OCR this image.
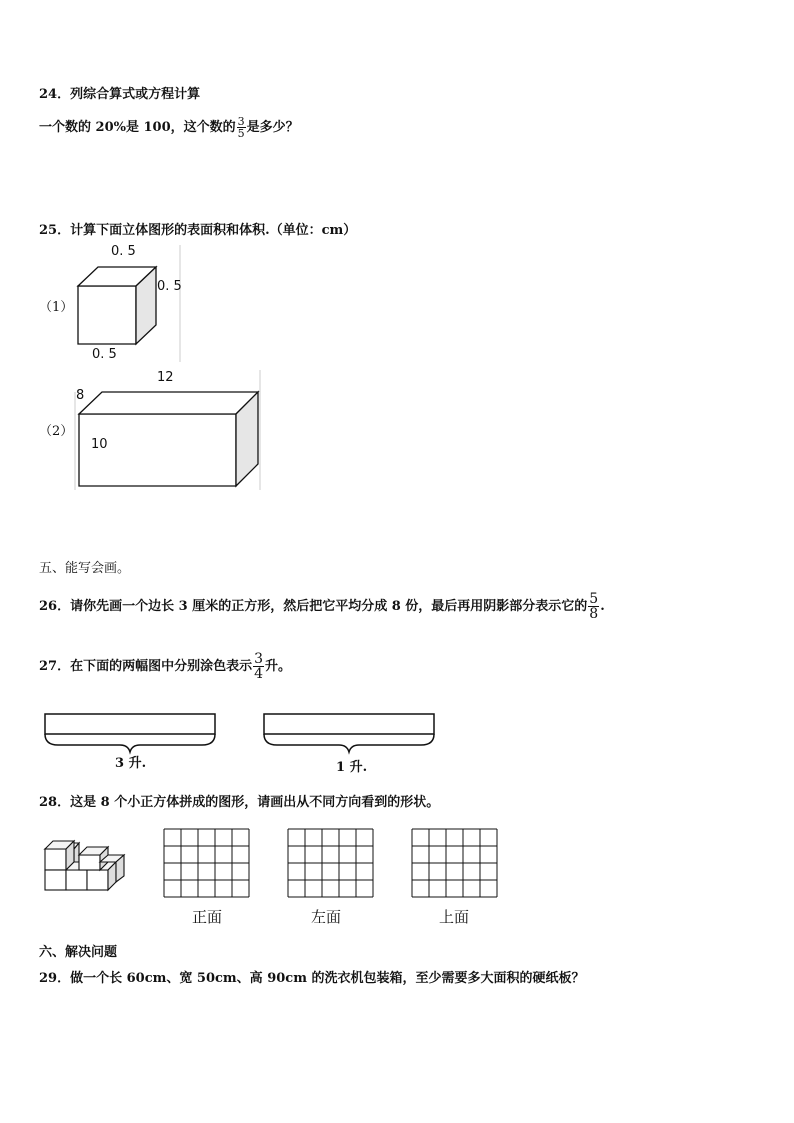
24．列综合算式或方程计算
一个数的 20%是 100，这个数的 $\frac{3}{5}$ 是多少？
25．计算下面立体图形的表面积和体积.（单位：cm）
（1）
0. 5
0. 5
0. 5
（2）
12
8
10
五、能写会画。
26．请你先画一个边长 3 厘米的正方形，然后把它平均分成 8 份，最后再用阴影部分表示它的 $\frac{5}{8}$ .
27．在下面的两幅图中分别涂色表示 $\frac{3}{4}$ 升。
3 升.	1 升.
28．这是 8 个小正方体拼成的图形，请画出从不同方向看到的形状。
正面	左面	上面
六、解决问题
29．做一个长 60cm、宽 50cm、高 90cm 的洗衣机包装箱，至少需要多大面积的硬纸板？
